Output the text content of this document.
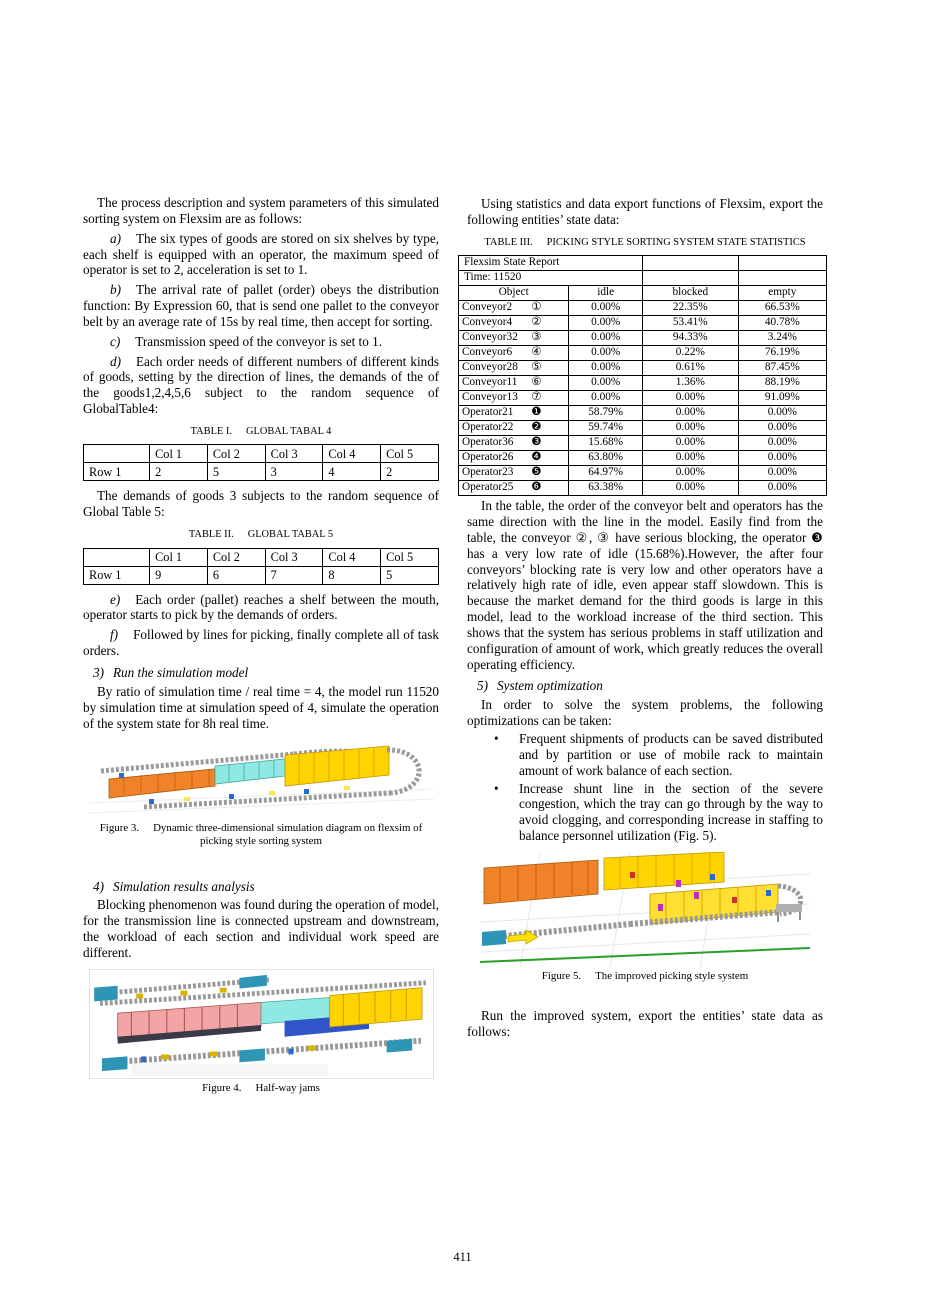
The process description and system parameters of this simulated sorting system on Flexsim are as follows:

a) The six types of goods are stored on six shelves by type, each shelf is equipped with an operator, the maximum speed of operator is set to 2, acceleration is set to 1.

b) The arrival rate of pallet (order) obeys the distribution function: By Expression 60, that is send one pallet to the conveyor belt by an average rate of 15s by real time, then accept for sorting.

c) Transmission speed of the conveyor is set to 1.

d) Each order needs of different numbers of different kinds of goods, setting by the direction of lines, the demands of the of the goods1,2,4,5,6 subject to the random sequence of GlobalTable4:

TABLE I. GLOBAL TABAL 4
	Col 1	Col 2	Col 3	Col 4	Col 5
Row 1	2	5	3	4	2

The demands of goods 3 subjects to the random sequence of Global Table 5:

TABLE II. GLOBAL TABAL 5
	Col 1	Col 2	Col 3	Col 4	Col 5
Row 1	9	6	7	8	5

e) Each order (pallet) reaches a shelf between the mouth, operator starts to pick by the demands of orders.

f) Followed by lines for picking, finally complete all of task orders.

3) Run the simulation model

By ratio of simulation time / real time = 4, the model run 11520 by simulation time at simulation speed of 4, simulate the operation of the system state for 8h real time.

Figure 3. Dynamic three-dimensional simulation diagram on flexsim of picking style sorting system

4) Simulation results analysis

Blocking phenomenon was found during the operation of model, for the transmission line is connected upstream and downstream, the workload of each section and individual work speed are different.

Figure 4. Half-way jams

Using statistics and data export functions of Flexsim, export the following entities’ state data:

TABLE III. PICKING STYLE SORTING SYSTEM STATE STATISTICS
Flexsim State Report			
Time: 11520			
Object	idle	blocked	empty

Conveyor2 ①	0.00%	22.35%	66.53%

Conveyor4 ②	0.00%	53.41%	40.78%

Conveyor32 ③	0.00%	94.33%	3.24%

Conveyor6 ④	0.00%	0.22%	76.19%

Conveyor28 ⑤	0.00%	0.61%	87.45%

Conveyor11 ⑥	0.00%	1.36%	88.19%

Conveyor13 ⑦	0.00%	0.00%	91.09%

Operator21 ❶	58.79%	0.00%	0.00%

Operator22 ❷	59.74%	0.00%	0.00%

Operator36 ❸	15.68%	0.00%	0.00%

Operator26 ❹	63.80%	0.00%	0.00%

Operator23 ❺	64.97%	0.00%	0.00%

Operator25 ❻	63.38%	0.00%	0.00%

In the table, the order of the conveyor belt and operators has the same direction with the line in the model. Easily find from the table, the conveyor ②, ③ have serious blocking, the operator ❸ has a very low rate of idle (15.68%).However, the after four conveyors’ blocking rate is very low and other operators have a relatively high rate of idle, even appear staff slowdown. This is because the market demand for the third goods is large in this model, lead to the workload increase of the third section. This shows that the system has serious problems in staff utilization and configuration of amount of work, which greatly reduces the overall operating efficiency.

5) System optimization

In order to solve the system problems, the following optimizations can be taken:

• Frequent shipments of products can be saved distributed and by partition or use of mobile rack to maintain amount of work balance of each section.
• Increase shunt line in the section of the severe congestion, which the tray can go through by the way to avoid clogging, and corresponding increase in staffing to balance personnel utilization (Fig. 5).

Figure 5. The improved picking style system

Run the improved system, export the entities’ state data as follows:

411
